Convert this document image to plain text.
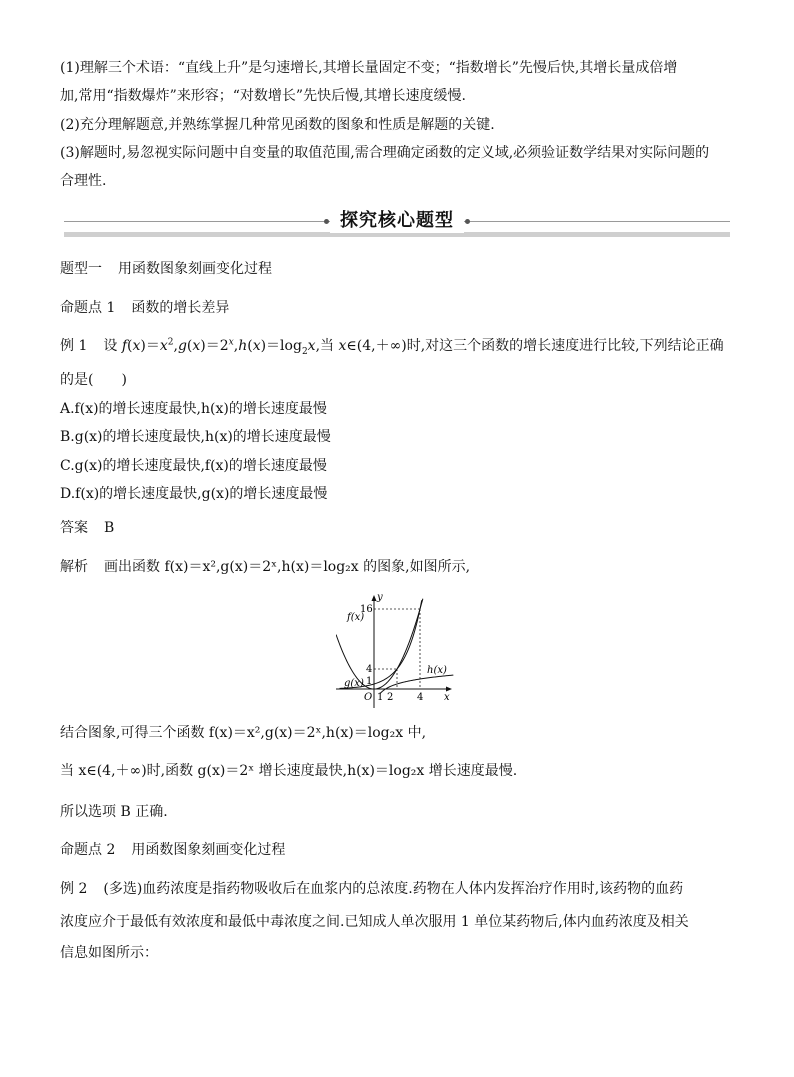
(1)理解三个术语：“直线上升”是匀速增长,其增长量固定不变；“指数增长”先慢后快,其增长量成倍增
加,常用“指数爆炸”来形容；“对数增长”先快后慢,其增长速度缓慢.
(2)充分理解题意,并熟练掌握几种常见函数的图象和性质是解题的关键.
(3)解题时,易忽视实际问题中自变量的取值范围,需合理确定函数的定义域,必须验证数学结果对实际问题的
合理性.
探究核心题型
题型一 用函数图象刻画变化过程
命题点 1 函数的增长差异
例 1 设 $f(x)=x^2,g(x)=2^x,h(x)=\log_2x$,当 x∈(4,＋∞)时,对这三个函数的增长速度进行比较,下列结论正确
的是(　　)
A.f(x)的增长速度最快,h(x)的增长速度最慢
B.g(x)的增长速度最快,h(x)的增长速度最慢
C.g(x)的增长速度最快,f(x)的增长速度最慢
D.f(x)的增长速度最快,g(x)的增长速度最慢
答案 B
解析 画出函数 f(x)＝x²,g(x)＝2ˣ,h(x)＝log₂x 的图象,如图所示,
y
x
O
16
4
1
1 2 4
f(x)
g(x)
h(x)
结合图象,可得三个函数 f(x)＝x²,g(x)＝2ˣ,h(x)＝log₂x 中,
当 x∈(4,＋∞)时,函数 g(x)＝2ˣ 增长速度最快,h(x)＝log₂x 增长速度最慢.
所以选项 B 正确.
命题点 2 用函数图象刻画变化过程
例 2 (多选)血药浓度是指药物吸收后在血浆内的总浓度.药物在人体内发挥治疗作用时,该药物的血药
浓度应介于最低有效浓度和最低中毒浓度之间.已知成人单次服用 1 单位某药物后,体内血药浓度及相关
信息如图所示：
